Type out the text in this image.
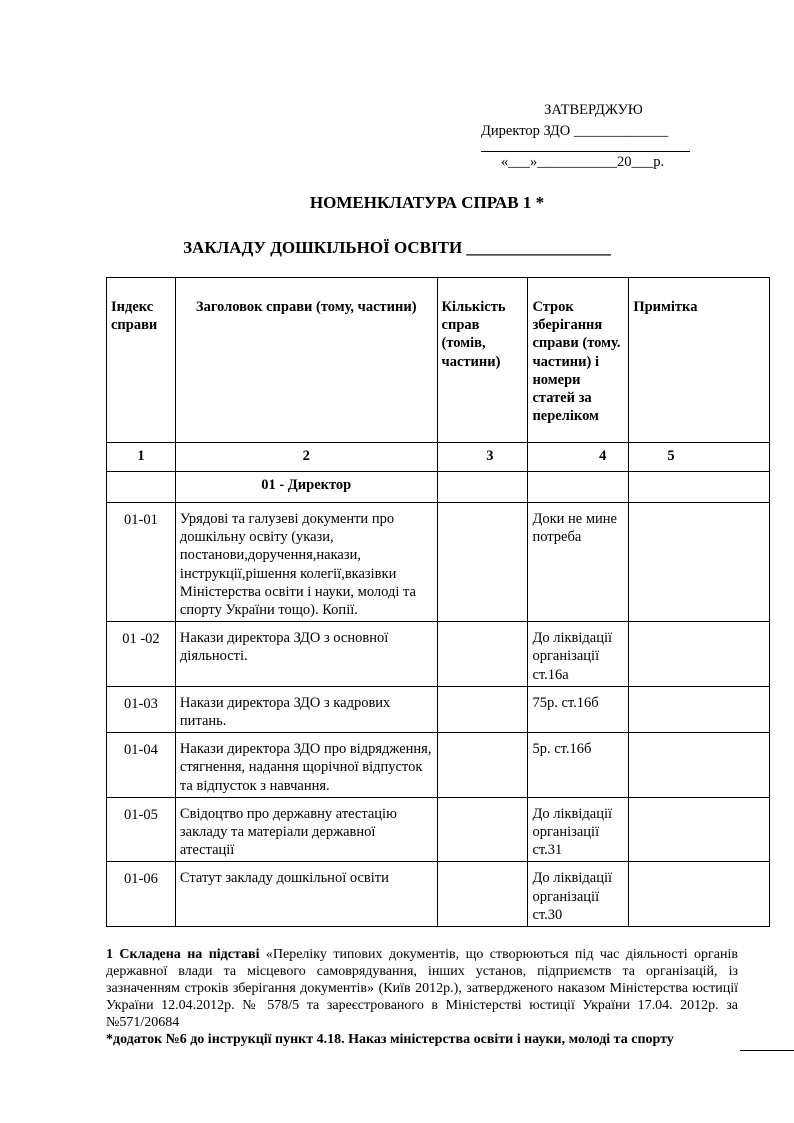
ЗАТВЕРДЖУЮ
Директор ЗДО _____________
«___»___________20___р.
НОМЕНКЛАТУРА СПРАВ 1 *
ЗАКЛАДУ ДОШКІЛЬНОЇ ОСВІТИ _________________
Індекс справи	Заголовок справи (тому, частини)	Кількість справ (томів, частини)	Строк зберігання справи (тому. частини) і номери статей за переліком	Примітка
1	2	3	4	5
	01 - Директор			
01-01	Урядові та галузеві документи про дошкільну освіту (укази, постанови,доручення,накази, інструкції,рішення колегії,вказівки Міністерства освіти і науки, молоді та спорту України тощо). Копії.		Доки не мине потреба	
01 -02	Накази директора ЗДО з основної діяльності.		До ліквідації організації ст.16а	
01-03	Накази директора ЗДО з кадрових питань.		75р. ст.16б	
01-04	Накази директора ЗДО про відрядження, стягнення, надання щорічної відпусток та відпусток з навчання.		5р. ст.16б	
01-05	Свідоцтво про державну атестацію закладу та матеріали державної атестації		До ліквідації організації ст.31	
01-06	Статут закладу дошкільної освіти		До ліквідації організації ст.30	
1 Складена на підставі «Переліку типових документів, що створюються під час діяльності органів державної влади та місцевого самоврядування, інших установ, підприємств та організацій, із зазначенням строків зберігання документів» (Київ 2012р.), затвердженого наказом Міністерства юстиції України 12.04.2012р. № 578/5 та зареєстрованого в Міністерстві юстиції України 17.04. 2012р. за №571/20684
*додаток №6 до інструкції пункт 4.18. Наказ міністерства освіти і науки, молоді та спорту
